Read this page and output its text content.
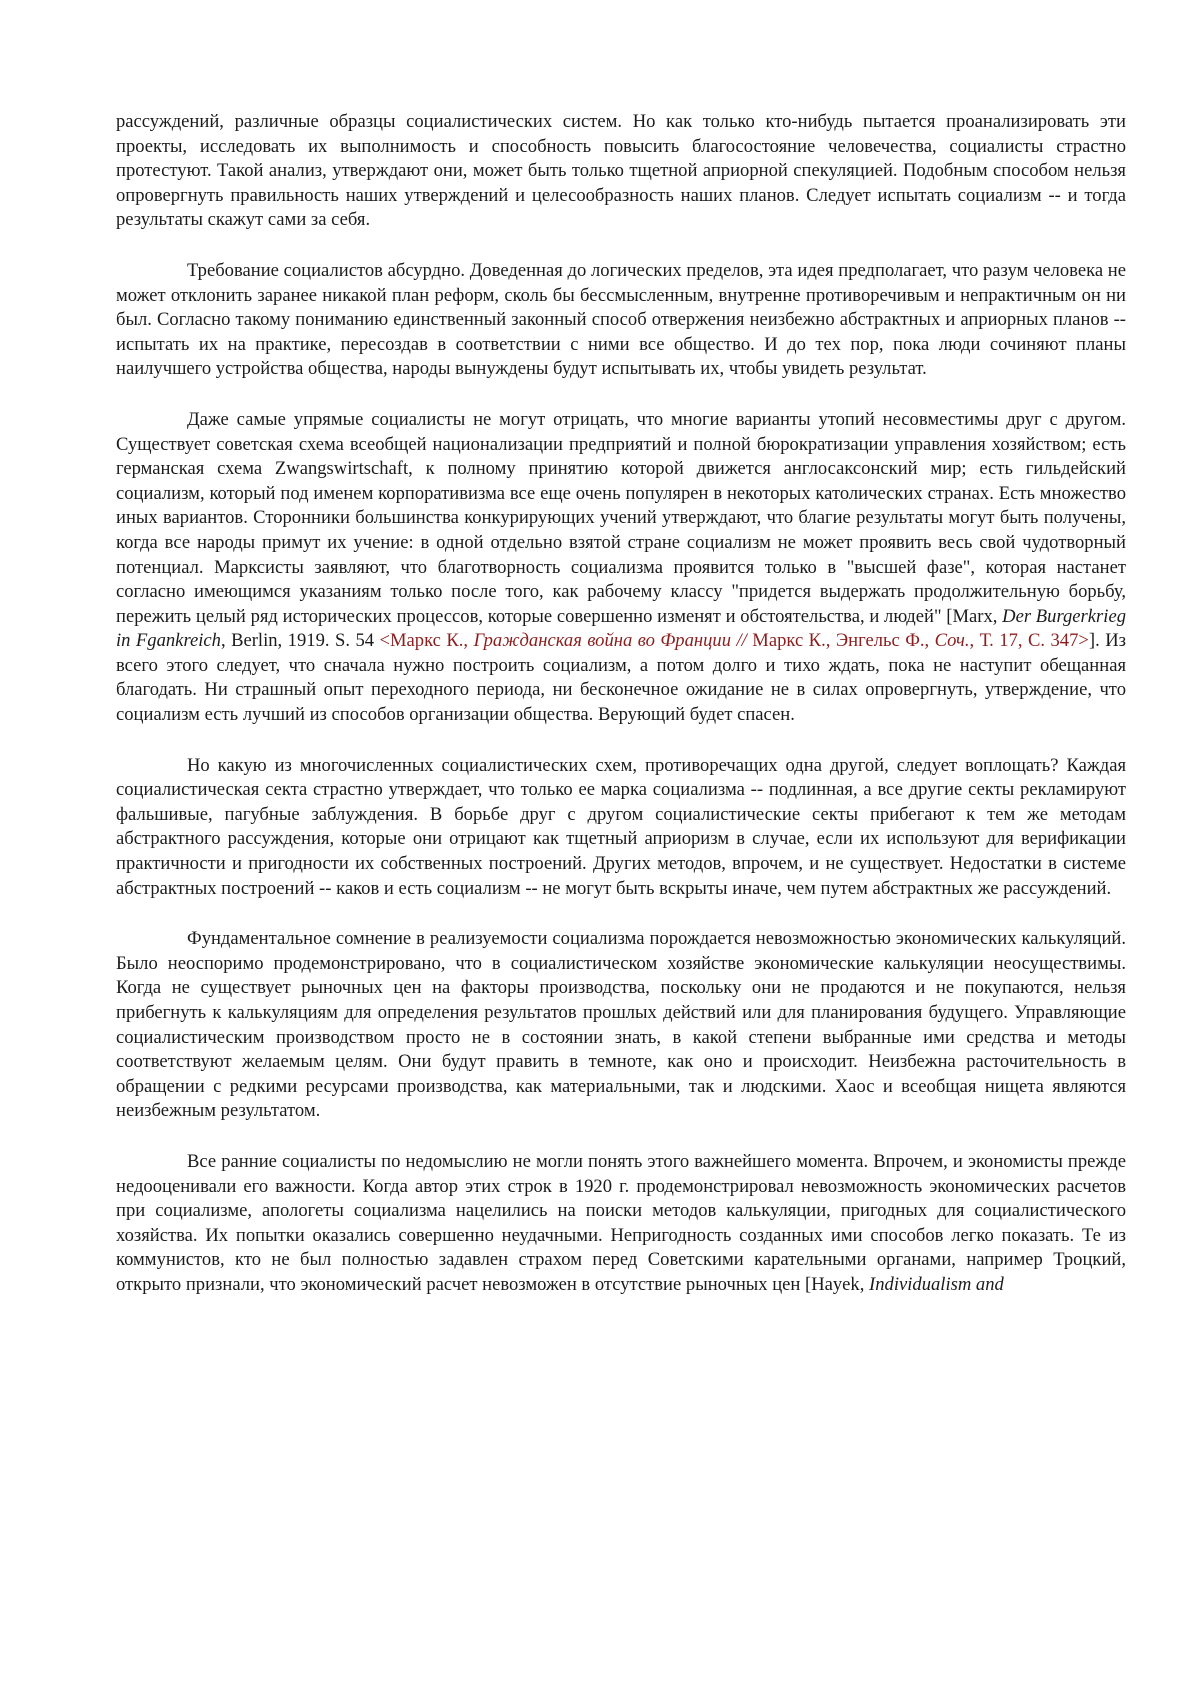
рассуждений, различные образцы социалистических систем. Но как только кто-нибудь пытается проанализировать эти проекты, исследовать их выполнимость и способность повысить благосостояние человечества, социалисты страстно протестуют. Такой анализ, утверждают они, может быть только тщетной априорной спекуляцией. Подобным способом нельзя опровергнуть правильность наших утверждений и целесообразность наших планов. Следует испытать социализм -- и тогда результаты скажут сами за себя.

Требование социалистов абсурдно. Доведенная до логических пределов, эта идея предполагает, что разум человека не может отклонить заранее никакой план реформ, сколь бы бессмысленным, внутренне противоречивым и непрактичным он ни был. Согласно такому пониманию единственный законный способ отвержения неизбежно абстрактных и априорных планов -- испытать их на практике, пересоздав в соответствии с ними все общество. И до тех пор, пока люди сочиняют планы наилучшего устройства общества, народы вынуждены будут испытывать их, чтобы увидеть результат.

Даже самые упрямые социалисты не могут отрицать, что многие варианты утопий несовместимы друг с другом. Существует советская схема всеобщей национализации предприятий и полной бюрократизации управления хозяйством; есть германская схема Zwangswirtschaft, к полному принятию которой движется англосаксонский мир; есть гильдейский социализм, который под именем корпоративизма все еще очень популярен в некоторых католических странах. Есть множество иных вариантов. Сторонники большинства конкурирующих учений утверждают, что благие результаты могут быть получены, когда все народы примут их учение: в одной отдельно взятой стране социализм не может проявить весь свой чудотворный потенциал. Марксисты заявляют, что благотворность социализма проявится только в "высшей фазе", которая настанет согласно имеющимся указаниям только после того, как рабочему классу "придется выдержать продолжительную борьбу, пережить целый ряд исторических процессов, которые совершенно изменят и обстоятельства, и людей" [Marx, Der Burgerkrieg in Fgankreich, Berlin, 1919. S. 54 <Маркс К., Гражданская война во Франции // Маркс К., Энгельс Ф., Соч., Т. 17, С. 347>]. Из всего этого следует, что сначала нужно построить социализм, а потом долго и тихо ждать, пока не наступит обещанная благодать. Ни страшный опыт переходного периода, ни бесконечное ожидание не в силах опровергнуть, утверждение, что социализм есть лучший из способов организации общества. Верующий будет спасен.

Но какую из многочисленных социалистических схем, противоречащих одна другой, следует воплощать? Каждая социалистическая секта страстно утверждает, что только ее марка социализма -- подлинная, а все другие секты рекламируют фальшивые, пагубные заблуждения. В борьбе друг с другом социалистические секты прибегают к тем же методам абстрактного рассуждения, которые они отрицают как тщетный априоризм в случае, если их используют для верификации практичности и пригодности их собственных построений. Других методов, впрочем, и не существует. Недостатки в системе абстрактных построений -- каков и есть социализм -- не могут быть вскрыты иначе, чем путем абстрактных же рассуждений.

Фундаментальное сомнение в реализуемости социализма порождается невозможностью экономических калькуляций. Было неоспоримо продемонстрировано, что в социалистическом хозяйстве экономические калькуляции неосуществимы. Когда не существует рыночных цен на факторы производства, поскольку они не продаются и не покупаются, нельзя прибегнуть к калькуляциям для определения результатов прошлых действий или для планирования будущего. Управляющие социалистическим производством просто не в состоянии знать, в какой степени выбранные ими средства и методы соответствуют желаемым целям. Они будут править в темноте, как оно и происходит. Неизбежна расточительность в обращении с редкими ресурсами производства, как материальными, так и людскими. Хаос и всеобщая нищета являются неизбежным результатом.

Все ранние социалисты по недомыслию не могли понять этого важнейшего момента. Впрочем, и экономисты прежде недооценивали его важности. Когда автор этих строк в 1920 г. продемонстрировал невозможность экономических расчетов при социализме, апологеты социализма нацелились на поиски методов калькуляции, пригодных для социалистического хозяйства. Их попытки оказались совершенно неудачными. Непригодность созданных ими способов легко показать. Те из коммунистов, кто не был полностью задавлен страхом перед Советскими карательными органами, например Троцкий, открыто признали, что экономический расчет невозможен в отсутствие рыночных цен [Hayek, Individualism and
